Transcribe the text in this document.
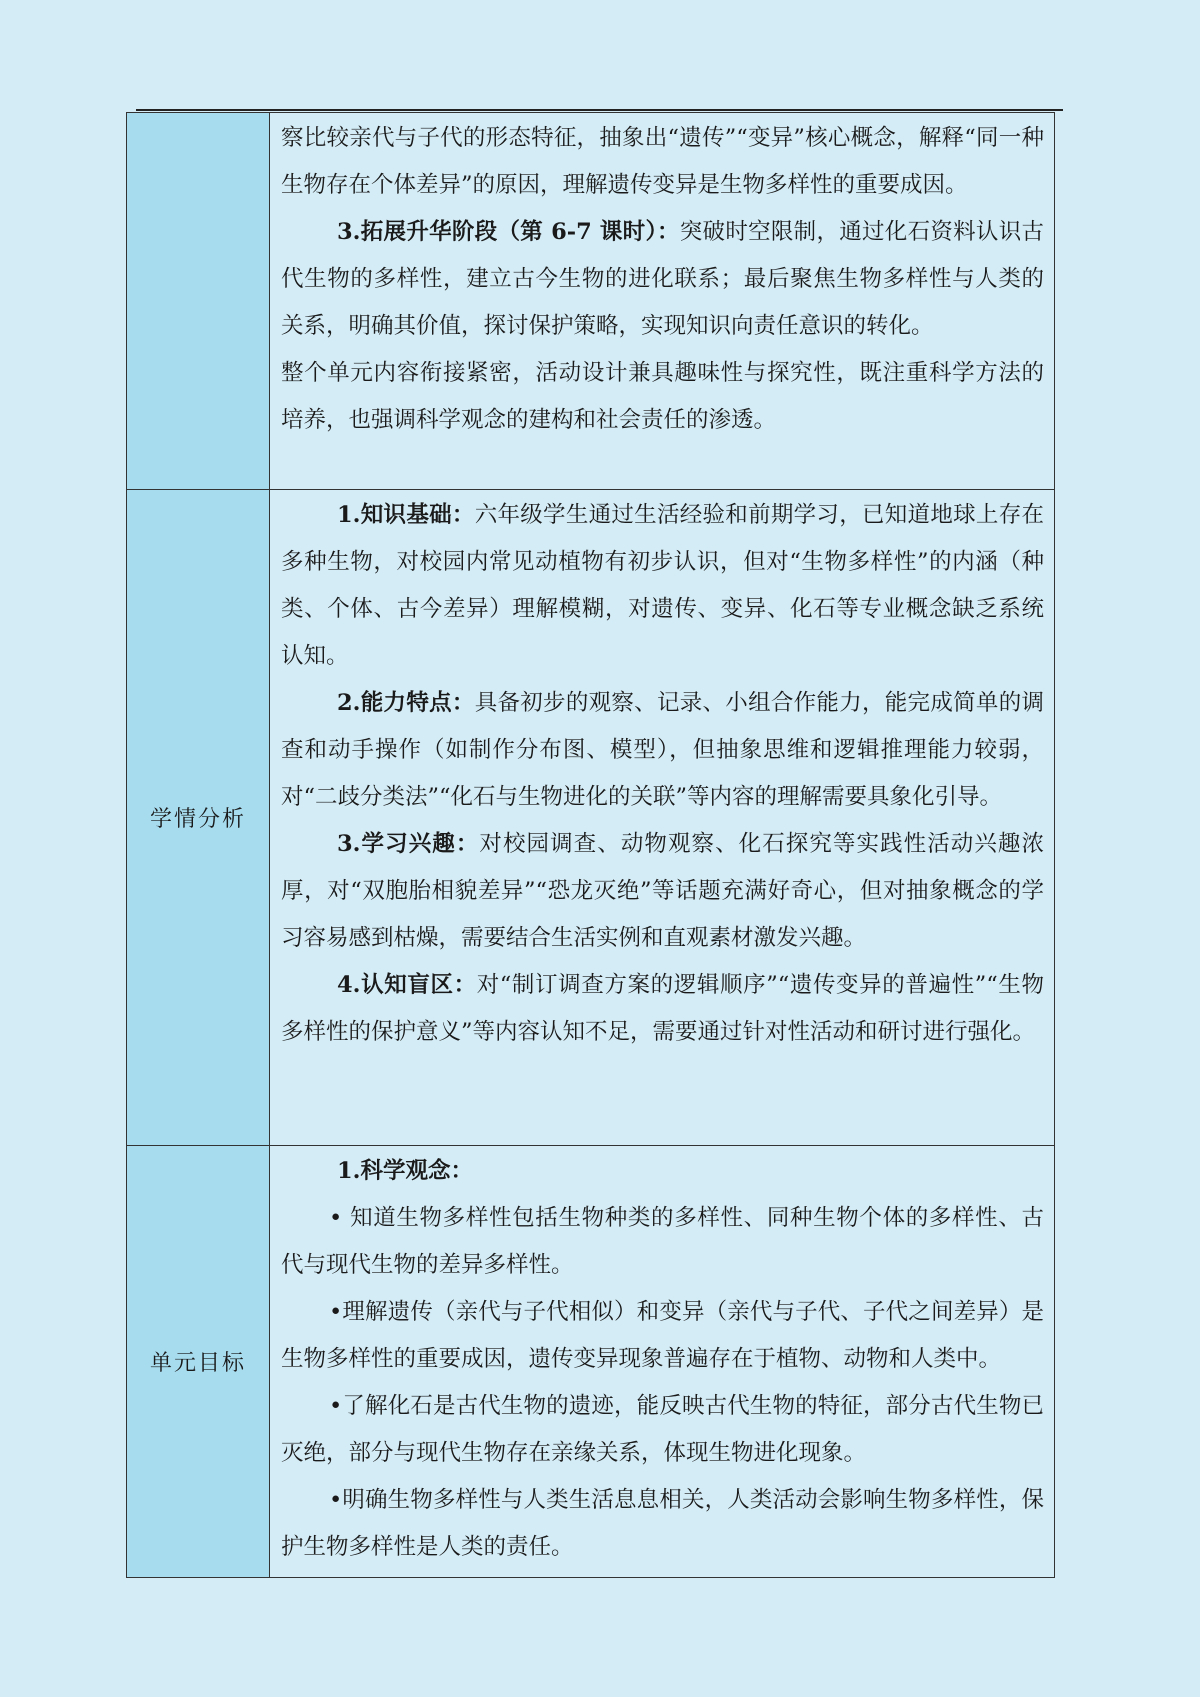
	察比较亲代与子代的形态特征，抽象出“遗传”“变异”核心概念，解释“同一种生物存在个体差异”的原因，理解遗传变异是生物多样性的重要成因。

3.拓展升华阶段（第 6-7 课时）：突破时空限制，通过化石资料认识古代生物的多样性，建立古今生物的进化联系；最后聚焦生物多样性与人类的关系，明确其价值，探讨保护策略，实现知识向责任意识的转化。

整个单元内容衔接紧密，活动设计兼具趣味性与探究性，既注重科学方法的培养，也强调科学观念的建构和社会责任的渗透。

学情分析	1.知识基础：六年级学生通过生活经验和前期学习，已知道地球上存在多种生物，对校园内常见动植物有初步认识，但对“生物多样性”的内涵（种类、个体、古今差异）理解模糊，对遗传、变异、化石等专业概念缺乏系统认知。

2.能力特点：具备初步的观察、记录、小组合作能力，能完成简单的调查和动手操作（如制作分布图、模型），但抽象思维和逻辑推理能力较弱，对“二歧分类法”“化石与生物进化的关联”等内容的理解需要具象化引导。

3.学习兴趣：对校园调查、动物观察、化石探究等实践性活动兴趣浓厚，对“双胞胎相貌差异”“恐龙灭绝”等话题充满好奇心，但对抽象概念的学习容易感到枯燥，需要结合生活实例和直观素材激发兴趣。

4.认知盲区：对“制订调查方案的逻辑顺序”“遗传变异的普遍性”“生物多样性的保护意义”等内容认知不足，需要通过针对性活动和研讨进行强化。

单元目标	1.科学观念：

• 知道生物多样性包括生物种类的多样性、同种生物个体的多样性、古代与现代生物的差异多样性。

•理解遗传（亲代与子代相似）和变异（亲代与子代、子代之间差异）是生物多样性的重要成因，遗传变异现象普遍存在于植物、动物和人类中。

•了解化石是古代生物的遗迹，能反映古代生物的特征，部分古代生物已灭绝，部分与现代生物存在亲缘关系，体现生物进化现象。

•明确生物多样性与人类生活息息相关，人类活动会影响生物多样性，保护生物多样性是人类的责任。
